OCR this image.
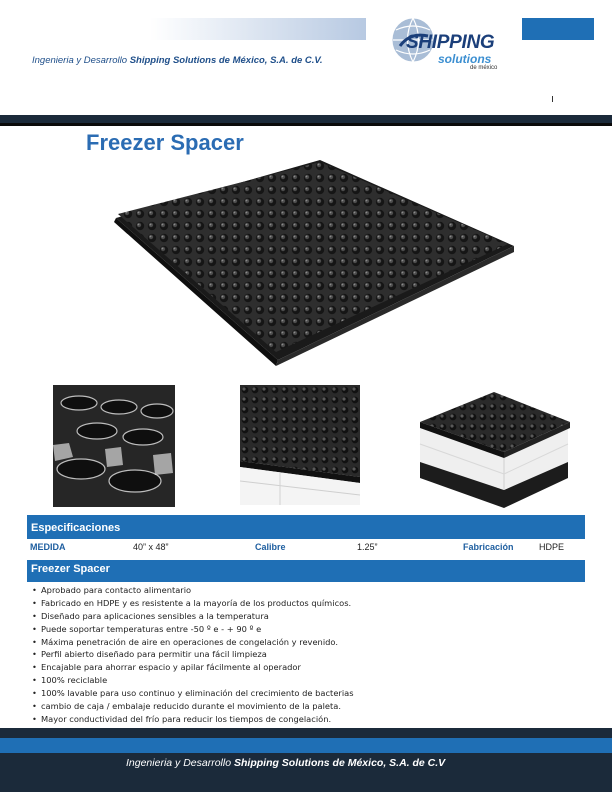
Ingenieria y Desarrollo Shipping Solutions de México, S.A. de C.V.
SHIPPING
solutions
de méxico
Freezer Spacer
Especificaciones
MEDIDA	40” x 48”	Calibre	1.25”	Fabricación	HDPE
Freezer Spacer
• Aprobado para contacto alimentario
• Fabricado en HDPE y es resistente a la mayoría de los productos químicos.
• Diseñado para aplicaciones sensibles a la temperatura
• Puede soportar temperaturas entre -50 º e - + 90 º e
• Máxima penetración de aire en operaciones de congelación y revenido.
• Perfil abierto diseñado para permitir una fácil limpieza
• Encajable para ahorrar espacio y apilar fácilmente al operador
• 100% reciclable
• 100% lavable para uso continuo y eliminación del crecimiento de bacterias
• cambio de caja / embalaje reducido durante el movimiento de la paleta.
• Mayor conductividad del frío para reducir los tiempos de congelación.
Ingenieria y Desarrollo Shipping Solutions de México, S.A. de C.V
